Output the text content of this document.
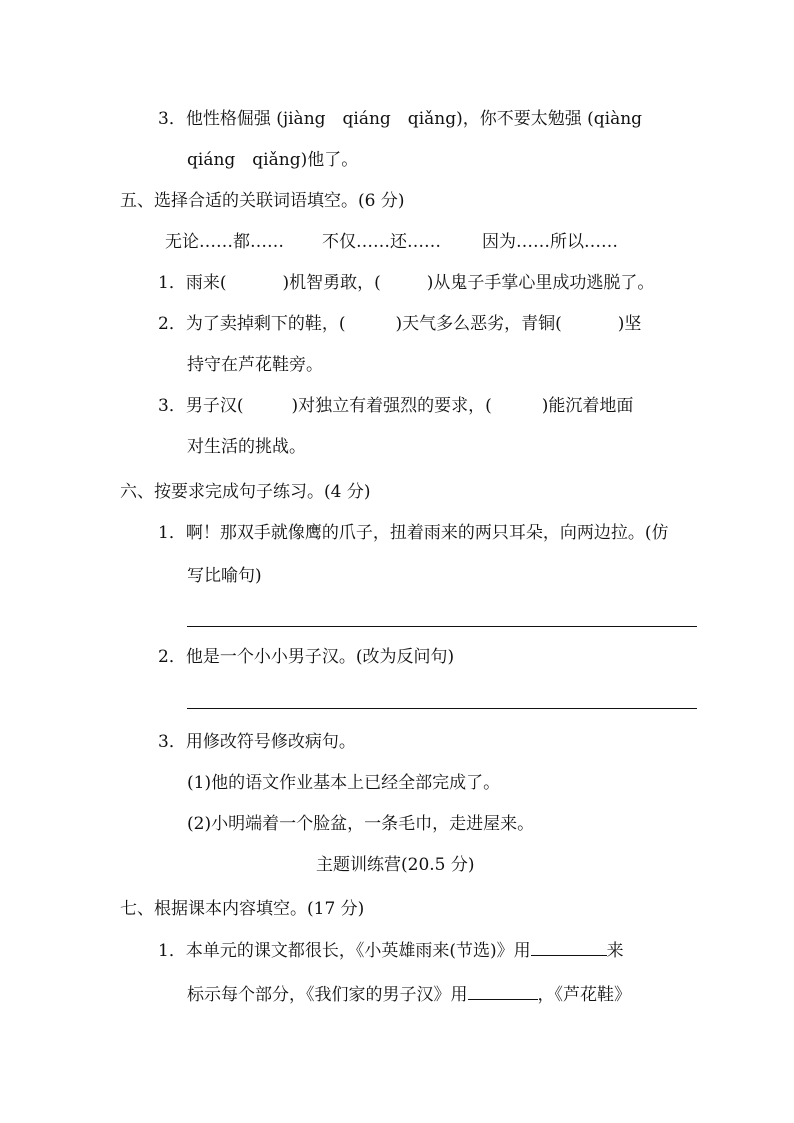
3．他性格倔强 (jiàng　qiáng　qiǎng)，你不要太勉强 (qiàng
qiáng　qiǎng)他了。
五、选择合适的关联词语填空。(6 分)
无论……都…… 不仅……还…… 因为……所以……
1．雨来(	)机智勇敢，(	)从鬼子手掌心里成功逃脱了。
2．为了卖掉剩下的鞋，(	)天气多么恶劣，青铜(	)坚
持守在芦花鞋旁。
3．男子汉(	)对独立有着强烈的要求，(	)能沉着地面
对生活的挑战。
六、按要求完成句子练习。(4 分)
1．啊！那双手就像鹰的爪子，扭着雨来的两只耳朵，向两边拉。(仿
写比喻句)
2．他是一个小小男子汉。(改为反问句)
3．用修改符号修改病句。
(1)他的语文作业基本上已经全部完成了。
(2)小明端着一个脸盆，一条毛巾，走进屋来。
主题训练营(20.5 分)
七、根据课本内容填空。(17 分)
1．本单元的课文都很长，《小英雄雨来(节选)》用	来
标示每个部分，《我们家的男子汉》用	，《芦花鞋》
